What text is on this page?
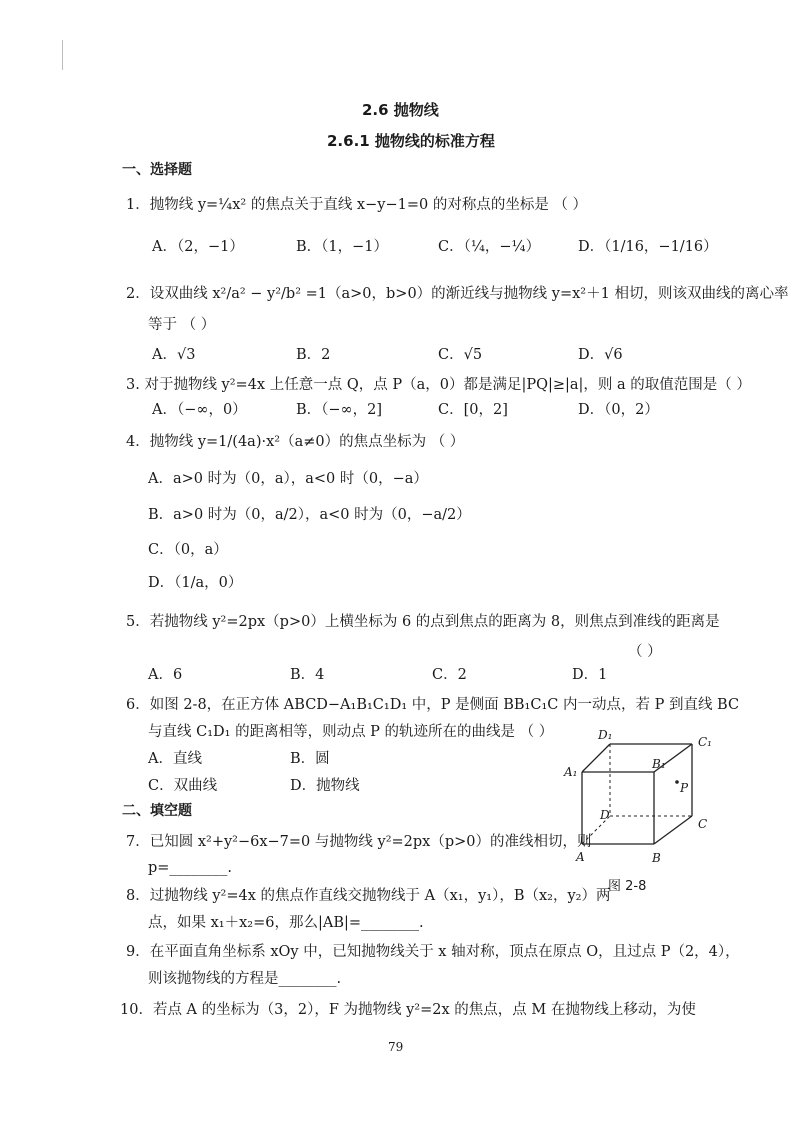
2.6 抛物线
2.6.1 抛物线的标准方程
一、选择题
1．抛物线 y=¼x² 的焦点关于直线 x−y−1=0 的对称点的坐标是 （ ）
A．（2，−1）	B．（1，−1）	C．（¼，−¼）	D．（1/16，−1/16）
2．设双曲线 x²/a² − y²/b² =1（a>0，b>0）的渐近线与抛物线 y=x²＋1 相切，则该双曲线的离心率
等于 （ ）
A．√3	B．2	C．√5	D．√6
3. 对于抛物线 y²=4x 上任意一点 Q，点 P（a，0）都是满足|PQ|≥|a|，则 a 的取值范围是（ ）
A．（−∞，0）	B．（−∞，2]	C．[0，2]	D．（0，2）
4．抛物线 y=1/(4a)·x²（a≠0）的焦点坐标为 （ ）
A．a>0 时为（0，a），a<0 时（0，−a）
B．a>0 时为（0，a/2），a<0 时为（0，−a/2）
C．（0，a）
D．（1/a，0）
5．若抛物线 y²=2px（p>0）上横坐标为 6 的点到焦点的距离为 8，则焦点到准线的距离是
（ ）
A．6	B．4	C．2	D．1
6．如图 2-8，在正方体 ABCD−A₁B₁C₁D₁ 中，P 是侧面 BB₁C₁C 内一动点，若 P 到直线 BC
与直线 C₁D₁ 的距离相等，则动点 P 的轨迹所在的曲线是 （ ）
A．直线	B．圆
C．双曲线	D．抛物线
D₁	C₁
A₁
B₁
P
D
C
A	B
图 2-8
二、填空题
7．已知圆 x²+y²−6x−7=0 与抛物线 y²=2px（p>0）的准线相切，则
p=________.
8．过抛物线 y²=4x 的焦点作直线交抛物线于 A（x₁，y₁），B（x₂，y₂）两
点，如果 x₁＋x₂=6，那么|AB|=________.
9．在平面直角坐标系 xOy 中，已知抛物线关于 x 轴对称，顶点在原点 O，且过点 P（2，4），
则该抛物线的方程是________.
10．若点 A 的坐标为（3，2），F 为抛物线 y²=2x 的焦点，点 M 在抛物线上移动，为使
79
